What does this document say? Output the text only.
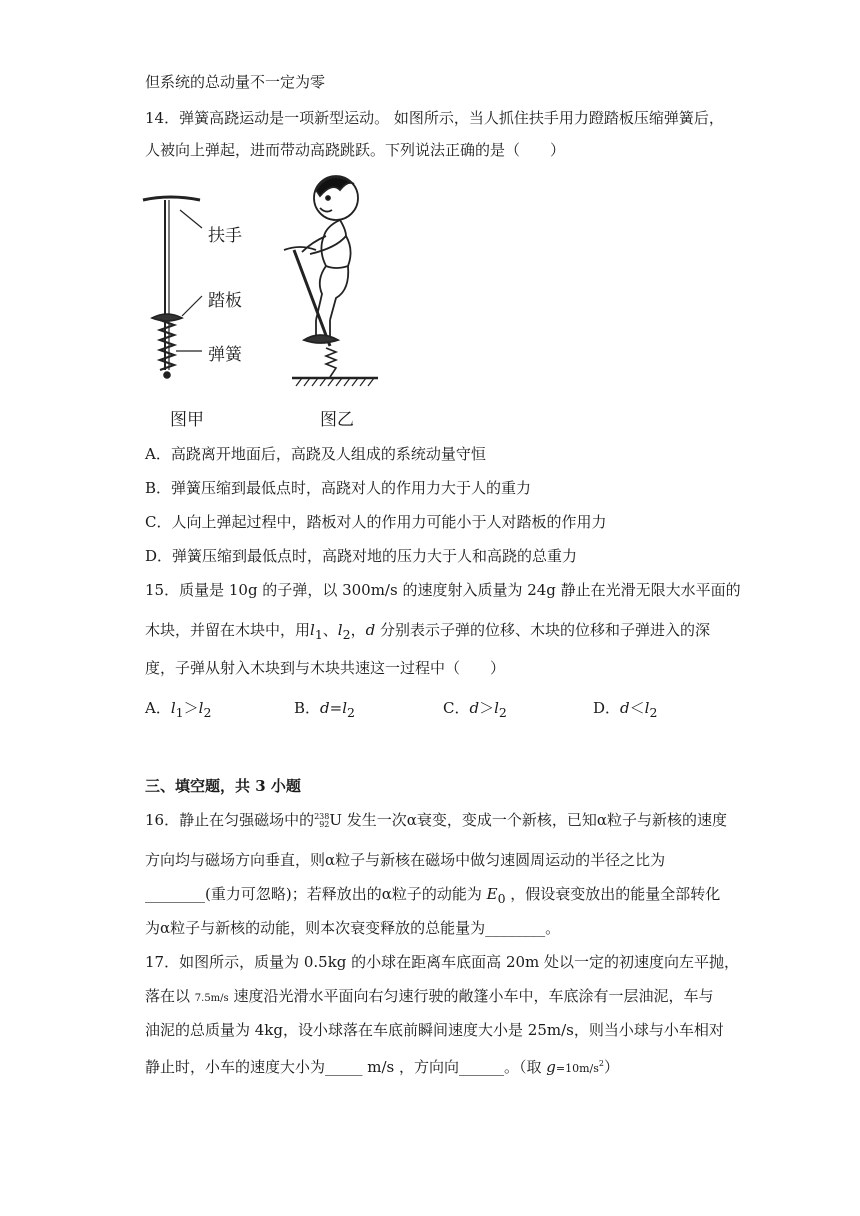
但系统的总动量不一定为零
14．弹簧高跷运动是一项新型运动。 如图所示，当人抓住扶手用力蹬踏板压缩弹簧后，
人被向上弹起，进而带动高跷跳跃。下列说法正确的是（　　）
扶手
踏板
弹簧
图甲	图乙
A．高跷离开地面后，高跷及人组成的系统动量守恒
B．弹簧压缩到最低点时，高跷对人的作用力大于人的重力
C．人向上弹起过程中，踏板对人的作用力可能小于人对踏板的作用力
D．弹簧压缩到最低点时，高跷对地的压力大于人和高跷的总重力
15．质量是 10g 的子弹，以 300m/s 的速度射入质量为 24g 静止在光滑无限大水平面的
木块，并留在木块中，用$l_1$、$l_2$，d 分别表示子弹的位移、木块的位移和子弹进入的深
度，子弹从射入木块到与木块共速这一过程中（　　）
A．$l_1>l_2$	B．$d=l_2$	C．$d>l_2$	D．$d<l_2$
三、填空题，共 3 小题
16．静止在匀强磁场中的 238
92 U 发生一次α衰变，变成一个新核，已知α粒子与新核的速度
方向均与磁场方向垂直，则α粒子与新核在磁场中做匀速圆周运动的半径之比为
________(重力可忽略)；若释放出的α粒子的动能为 $E_0$ ，假设衰变放出的能量全部转化
为α粒子与新核的动能，则本次衰变释放的总能量为________。
17．如图所示，质量为 0.5kg 的小球在距离车底面高 20m 处以一定的初速度向左平抛，
落在以 7.5m/s 速度沿光滑水平面向右匀速行驶的敞篷小车中，车底涂有一层油泥，车与
油泥的总质量为 4kg，设小球落在车底前瞬间速度大小是 25m/s，则当小球与小车相对
静止时，小车的速度大小为_____ m/s ，方向向______。（取 $g=10m/s^2$）
